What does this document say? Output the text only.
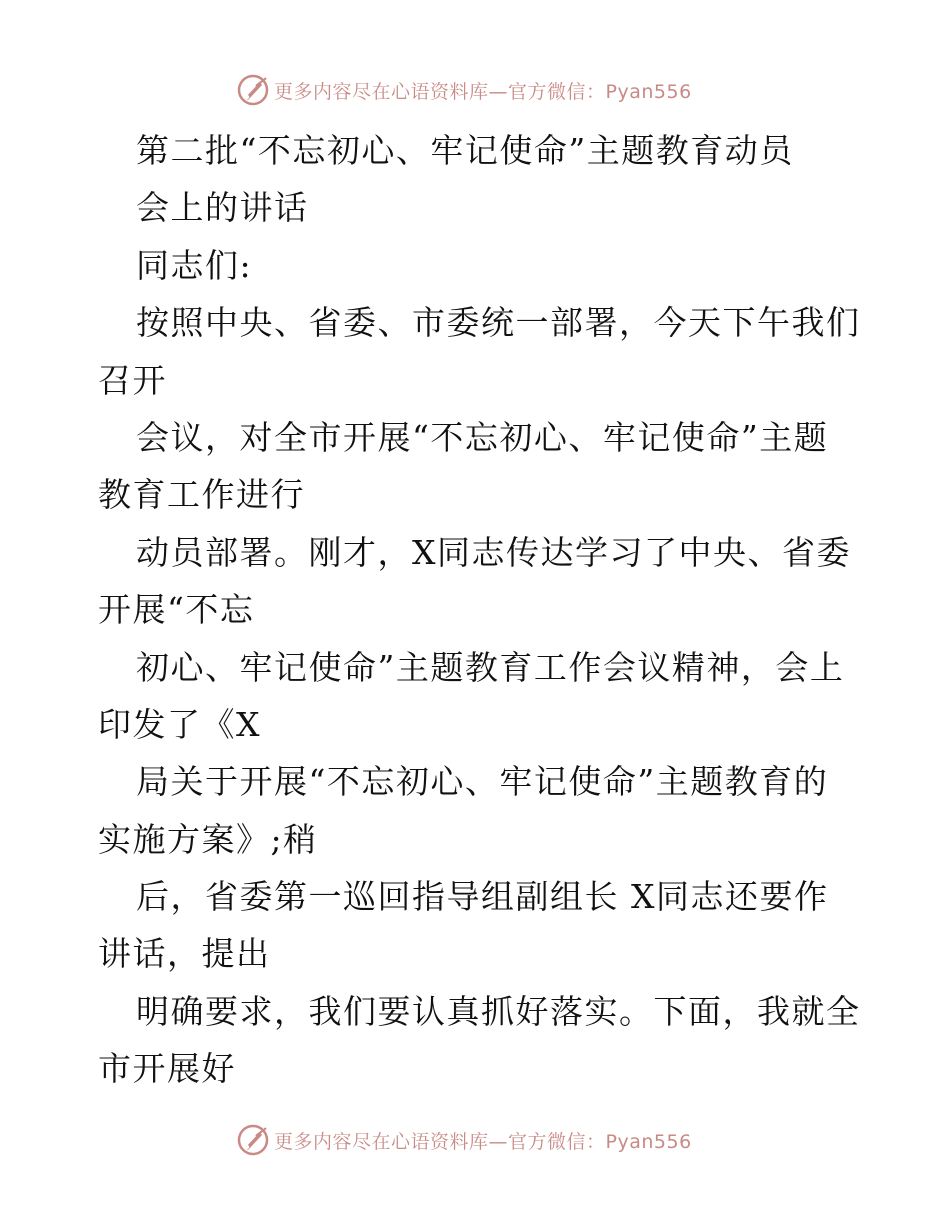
更多内容尽在心语资料库—官方微信：Pyan556
第二批“不忘初心、牢记使命”主题教育动员
会上的讲话
同志们:
按照中央、省委、市委统一部署，今天下午我们
召开
会议，对全市开展“不忘初心、牢记使命”主题
教育工作进行
动员部署。刚才，X同志传达学习了中央、省委
开展“不忘
初心、牢记使命”主题教育工作会议精神，会上
印发了《X
局关于开展“不忘初心、牢记使命”主题教育的
实施方案》;稍
后，省委第一巡回指导组副组长 X同志还要作
讲话，提出
明确要求，我们要认真抓好落实。下面，我就全
市开展好
更多内容尽在心语资料库—官方微信：Pyan556
